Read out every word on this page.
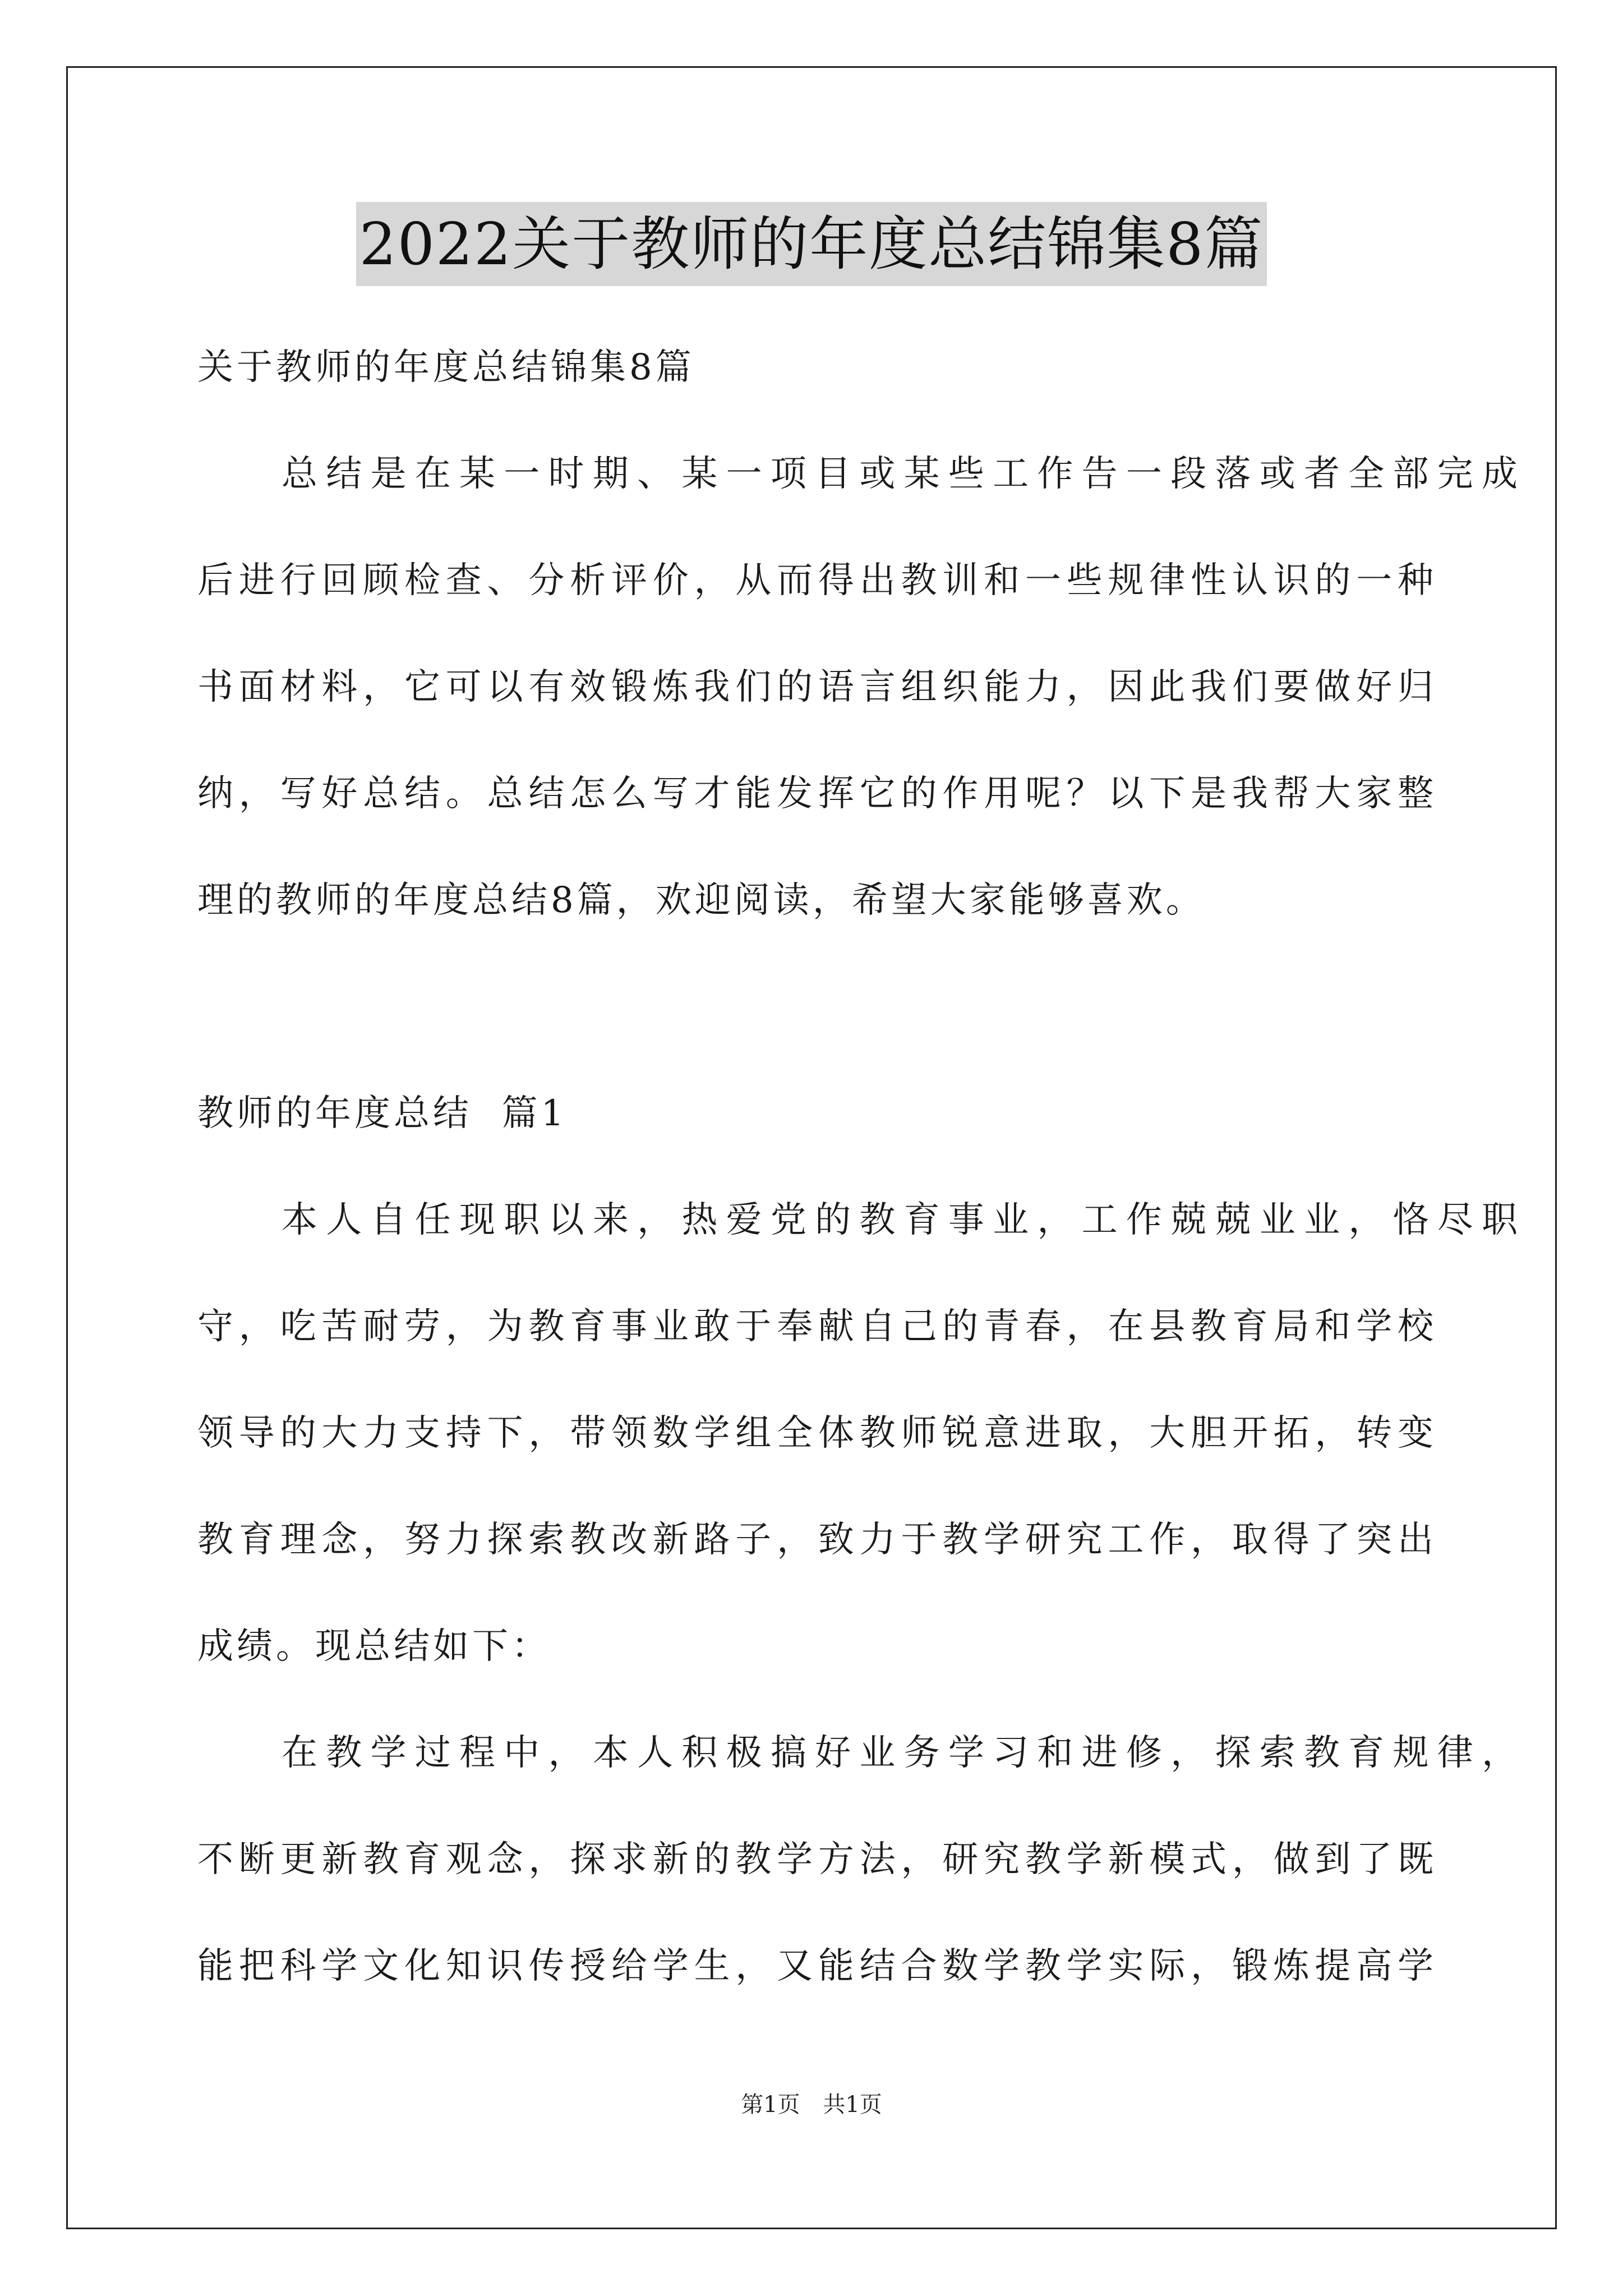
2022关于教师的年度总结锦集8篇
关于教师的年度总结锦集8篇
总结是在某一时期、某一项目或某些工作告一段落或者全部完成
后进行回顾检查、分析评价，从而得出教训和一些规律性认识的一种
书面材料，它可以有效锻炼我们的语言组织能力，因此我们要做好归
纳，写好总结。总结怎么写才能发挥它的作用呢？以下是我帮大家整
理的教师的年度总结8篇，欢迎阅读，希望大家能够喜欢。
教师的年度总结  篇1
本人自任现职以来，热爱党的教育事业，工作兢兢业业，恪尽职
守，吃苦耐劳，为教育事业敢于奉献自己的青春，在县教育局和学校
领导的大力支持下，带领数学组全体教师锐意进取，大胆开拓，转变
教育理念，努力探索教改新路子，致力于教学研究工作，取得了突出
成绩。现总结如下：
在教学过程中，本人积极搞好业务学习和进修，探索教育规律，
不断更新教育观念，探求新的教学方法，研究教学新模式，做到了既
能把科学文化知识传授给学生，又能结合数学教学实际，锻炼提高学
第1页 共1页
